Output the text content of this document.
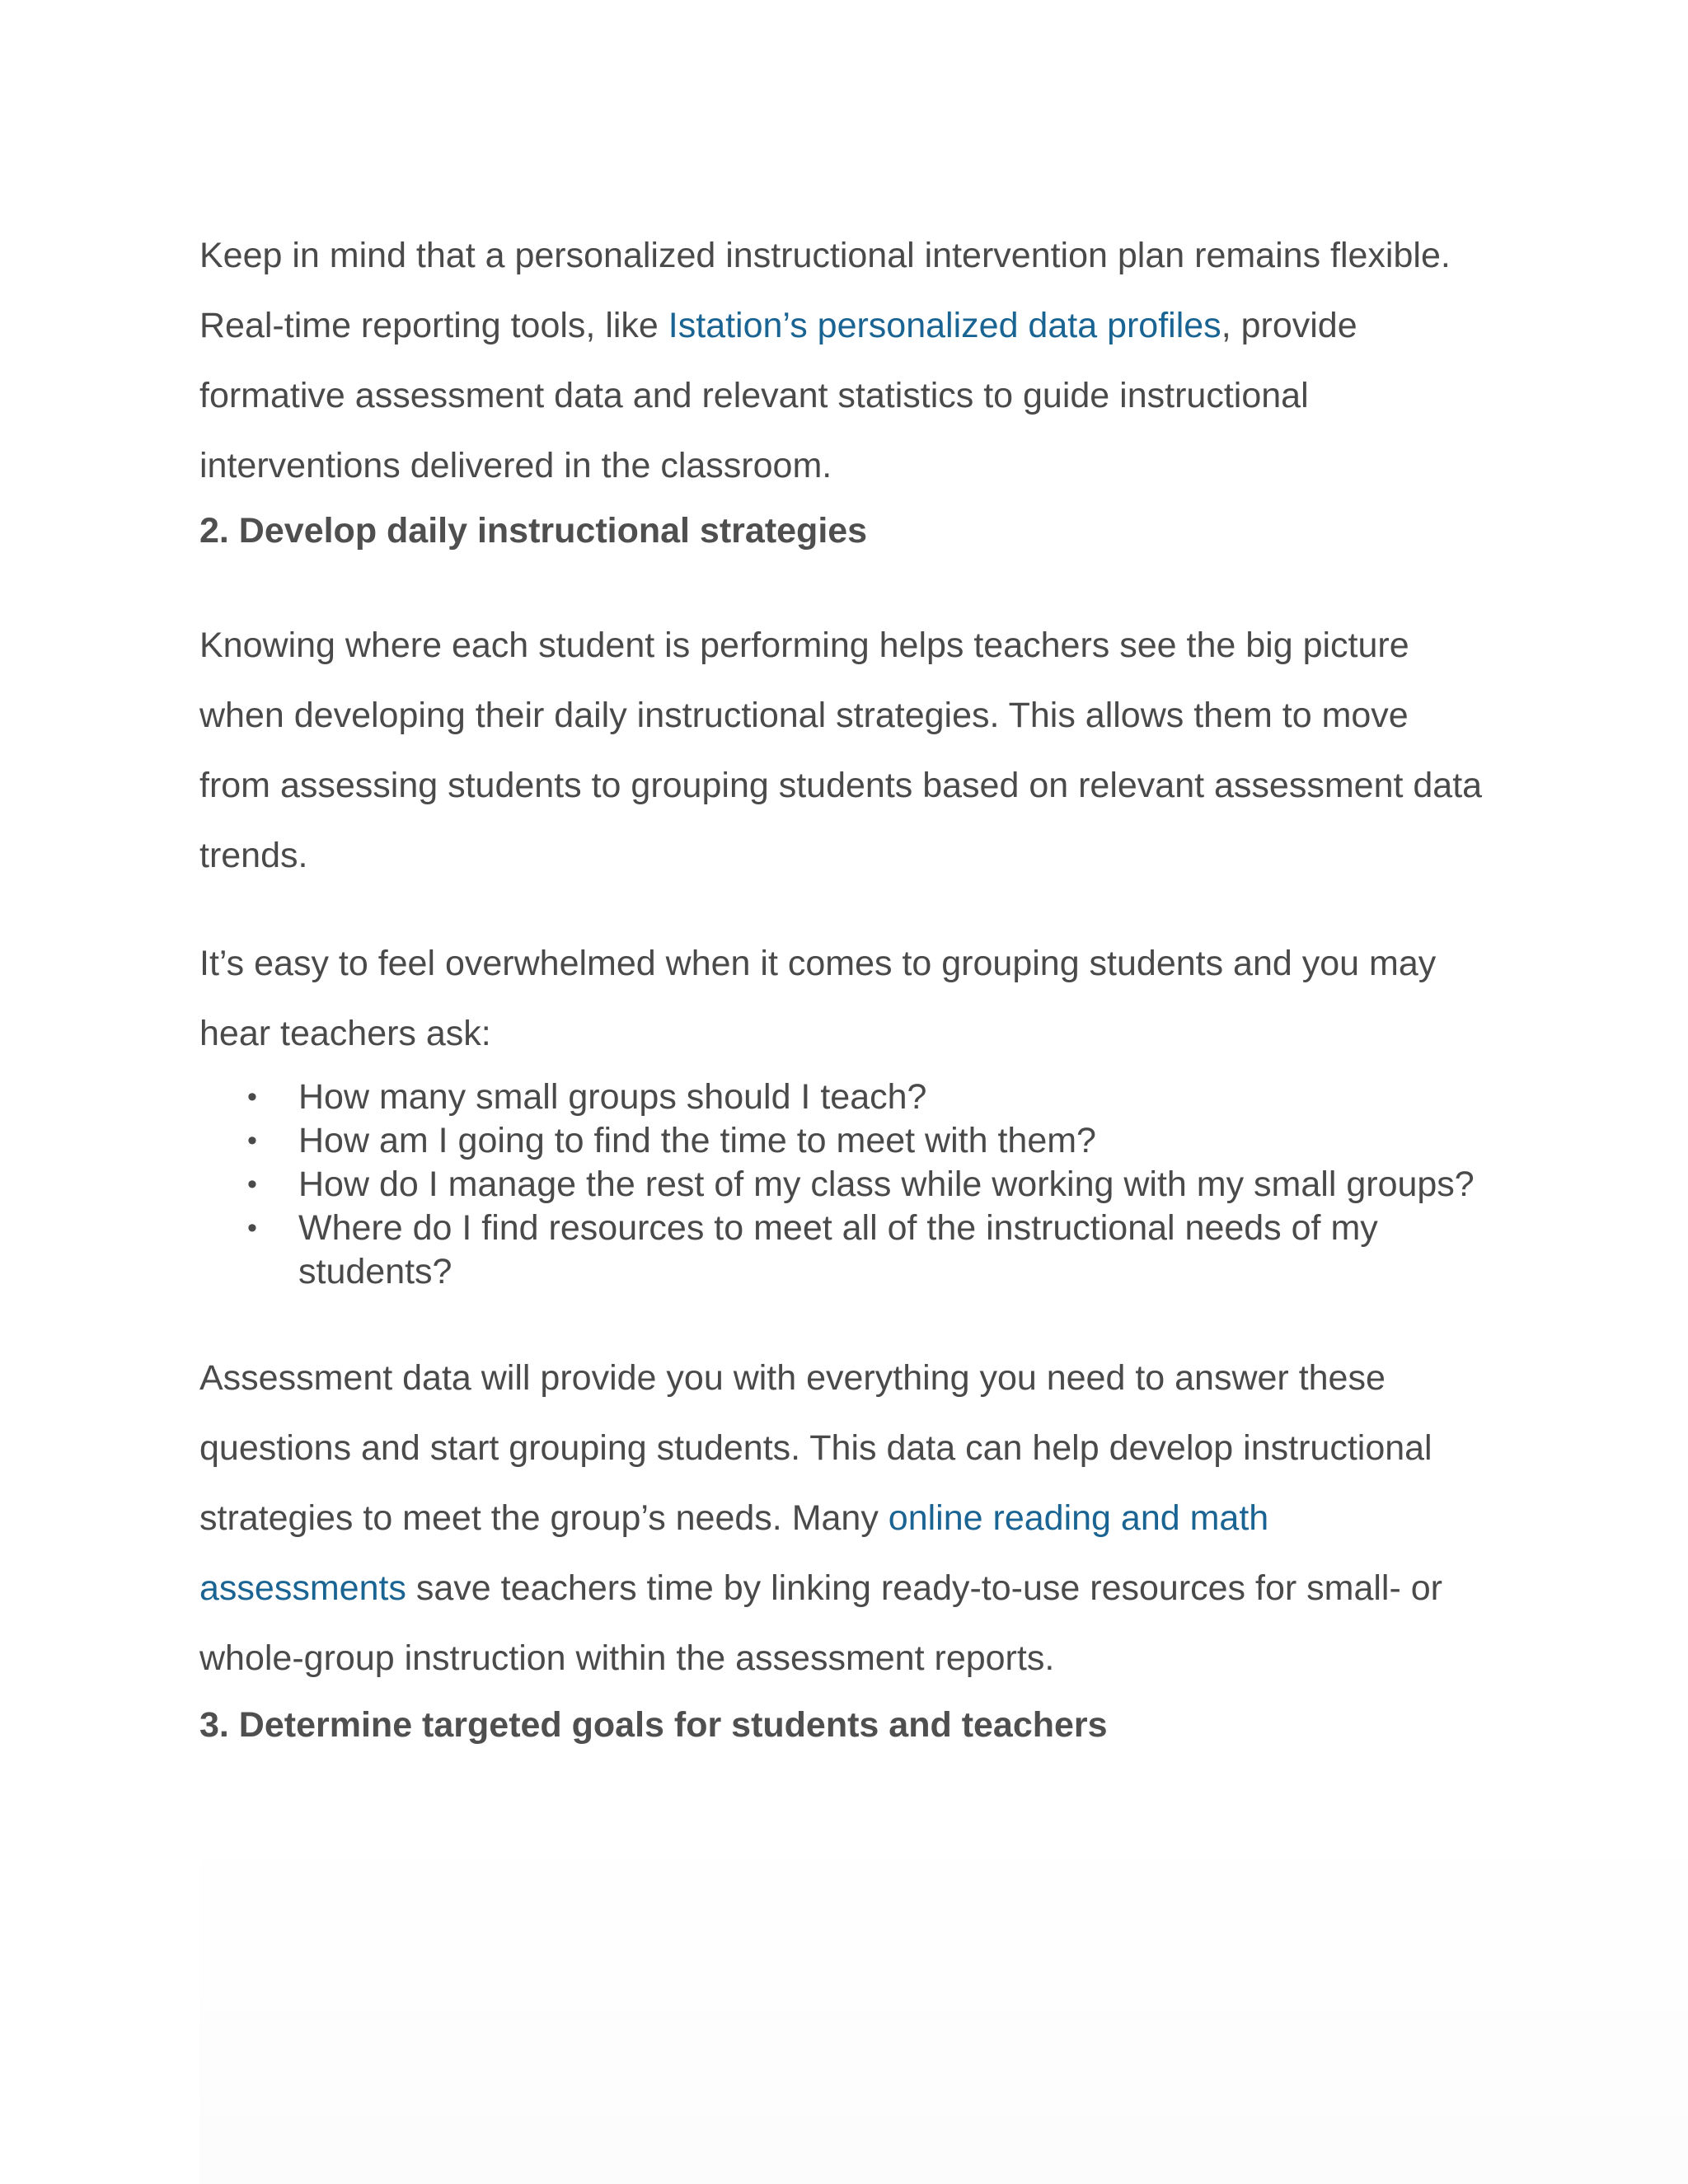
Keep in mind that a personalized instructional intervention plan remains flexible. Real-time reporting tools, like Istation’s personalized data profiles, provide formative assessment data and relevant statistics to guide instructional interventions delivered in the classroom.

2. Develop daily instructional strategies

Knowing where each student is performing helps teachers see the big picture when developing their daily instructional strategies. This allows them to move from assessing students to grouping students based on relevant assessment data trends.

It’s easy to feel overwhelmed when it comes to grouping students and you may hear teachers ask:

• How many small groups should I teach?
• How am I going to find the time to meet with them?
• How do I manage the rest of my class while working with my small groups?
• Where do I find resources to meet all of the instructional needs of my students?

Assessment data will provide you with everything you need to answer these questions and start grouping students. This data can help develop instructional strategies to meet the group’s needs. Many online reading and math assessments save teachers time by linking ready-to-use resources for small- or whole-group instruction within the assessment reports.

3. Determine targeted goals for students and teachers
